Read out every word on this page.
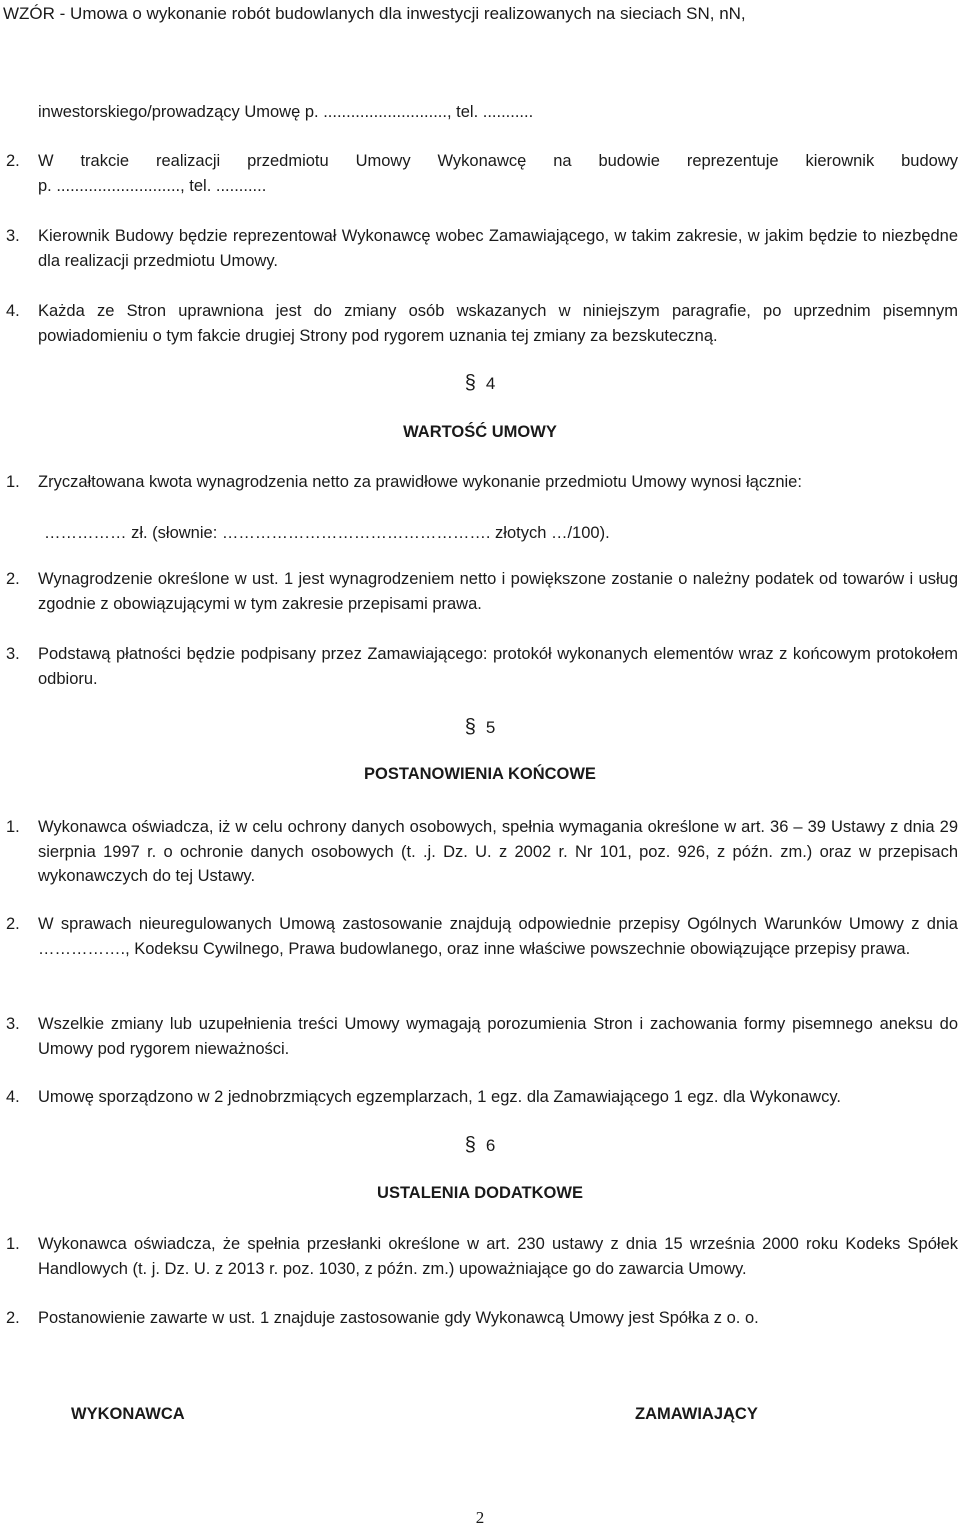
WZÓR - Umowa o wykonanie robót budowlanych dla inwestycji realizowanych na sieciach SN, nN,
inwestorskiego/prowadzący Umowę p. ..........................., tel. ...........
2. W trakcie realizacji przedmiotu Umowy Wykonawcę na budowie reprezentuje kierownik budowy
p. ..........................., tel. ...........
3. Kierownik Budowy będzie reprezentował Wykonawcę wobec Zamawiającego, w takim zakresie, w jakim będzie to niezbędne dla realizacji przedmiotu Umowy.
4. Każda ze Stron uprawniona jest do zmiany osób wskazanych w niniejszym paragrafie, po uprzednim pisemnym powiadomieniu o tym fakcie drugiej Strony pod rygorem uznania tej zmiany za bezskuteczną.
§ 4
WARTOŚĆ UMOWY
1. Zryczałtowana kwota wynagrodzenia netto za prawidłowe wykonanie przedmiotu Umowy wynosi łącznie:
…………… zł. (słownie: …………………………………………. złotych …/100).
2. Wynagrodzenie określone w ust. 1 jest wynagrodzeniem netto i powiększone zostanie o należny podatek od towarów i usług zgodnie z obowiązującymi w tym zakresie przepisami prawa.
3. Podstawą płatności będzie podpisany przez Zamawiającego: protokół wykonanych elementów wraz z końcowym protokołem odbioru.
§ 5
POSTANOWIENIA KOŃCOWE
1. Wykonawca oświadcza, iż w celu ochrony danych osobowych, spełnia wymagania określone w art. 36 – 39 Ustawy z dnia 29 sierpnia 1997 r. o ochronie danych osobowych (t. .j. Dz. U. z 2002 r. Nr 101, poz. 926, z późn. zm.) oraz w przepisach wykonawczych do tej Ustawy.
2. W sprawach nieuregulowanych Umową zastosowanie znajdują odpowiednie przepisy Ogólnych Warunków Umowy z dnia ……………., Kodeksu Cywilnego, Prawa budowlanego, oraz inne właściwe powszechnie obowiązujące przepisy prawa.
3. Wszelkie zmiany lub uzupełnienia treści Umowy wymagają porozumienia Stron i zachowania formy pisemnego aneksu do Umowy pod rygorem nieważności.
4. Umowę sporządzono w 2 jednobrzmiących egzemplarzach, 1 egz. dla Zamawiającego 1 egz. dla Wykonawcy.
§ 6
USTALENIA DODATKOWE
1. Wykonawca oświadcza, że spełnia przesłanki określone w art. 230 ustawy z dnia 15 września 2000 roku Kodeks Spółek Handlowych (t. j. Dz. U. z 2013 r. poz. 1030, z późn. zm.) upoważniające go do zawarcia Umowy.
2. Postanowienie zawarte w ust. 1 znajduje zastosowanie gdy Wykonawcą Umowy jest Spółka z o. o.
WYKONAWCA	ZAMAWIAJĄCY
2
